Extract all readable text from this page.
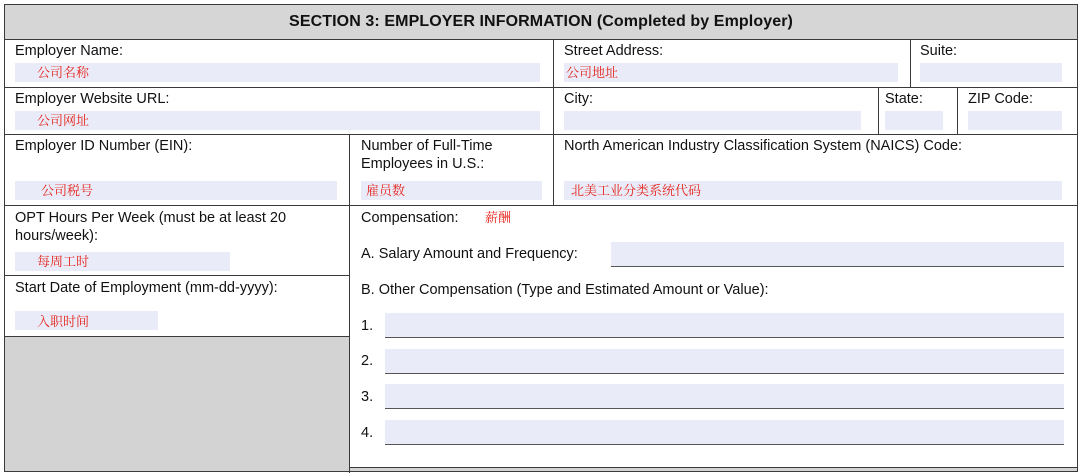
SECTION 3: EMPLOYER INFORMATION (Completed by Employer)
Employer Name:
公司名称
Street Address:
公司地址
Suite:
Employer Website URL:
公司网址
City:	State:	ZIP Code:
Employer ID Number (EIN):
公司税号
Number of Full-Time Employees in U.S.:
雇员数
North American Industry Classification System (NAICS) Code:
北美工业分类系统代码
OPT Hours Per Week (must be at least 20 hours/week):
每周工时
Start Date of Employment (mm-dd-yyyy):
入职时间
Compensation: 薪酬
A. Salary Amount and Frequency:
B. Other Compensation (Type and Estimated Amount or Value):
1.
2.
3.
4.
